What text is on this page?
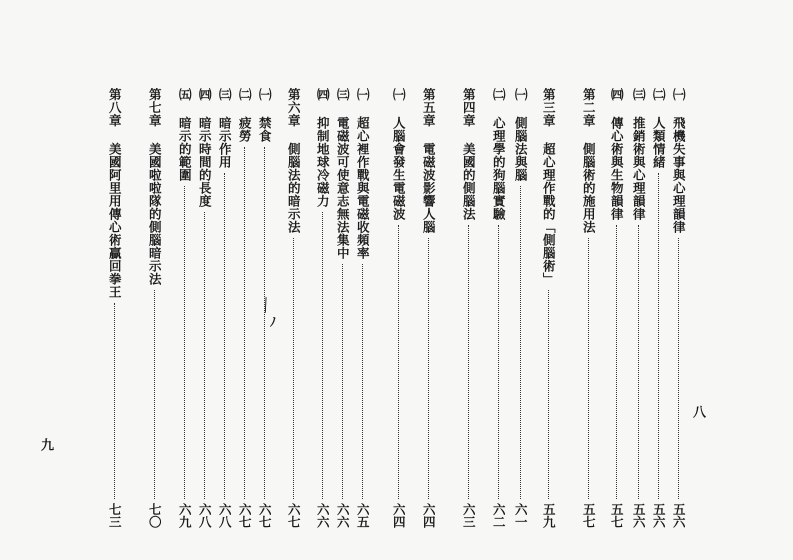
八
九
╲
ﾉ
㈠ 飛機失事與心理韻律
五六
㈡ 人類情緒
五六
㈢ 推銷術與心理韻律
五六
㈣ 傳心術與生物韻律
五七
第二章 側腦術的施用法
五七
第三章 超心理作戰的「側腦術」
五九
㈠ 側腦法與腦
六一
㈡ 心理學的狗腦實驗
六二
第四章 美國的側腦法
六三
第五章 電磁波影響人腦
六四
㈠ 人腦會發生電磁波
六四
㈠ 超心裡作戰與電磁收頻率
六五
㈢ 電磁波可使意志無法集中
六六
㈣ 抑制地球冷磁力
六六
第六章 側腦法的暗示法
六七
㈠ 禁食
六七
㈡ 疲勞
六七
㈢ 暗示作用
六八
㈣ 暗示時間的長度
六八
㈤ 暗示的範圍
六九
第七章 美國啦啦隊的側腦暗示法
七〇
第八章 美國阿里用傳心術贏回拳王
七三
